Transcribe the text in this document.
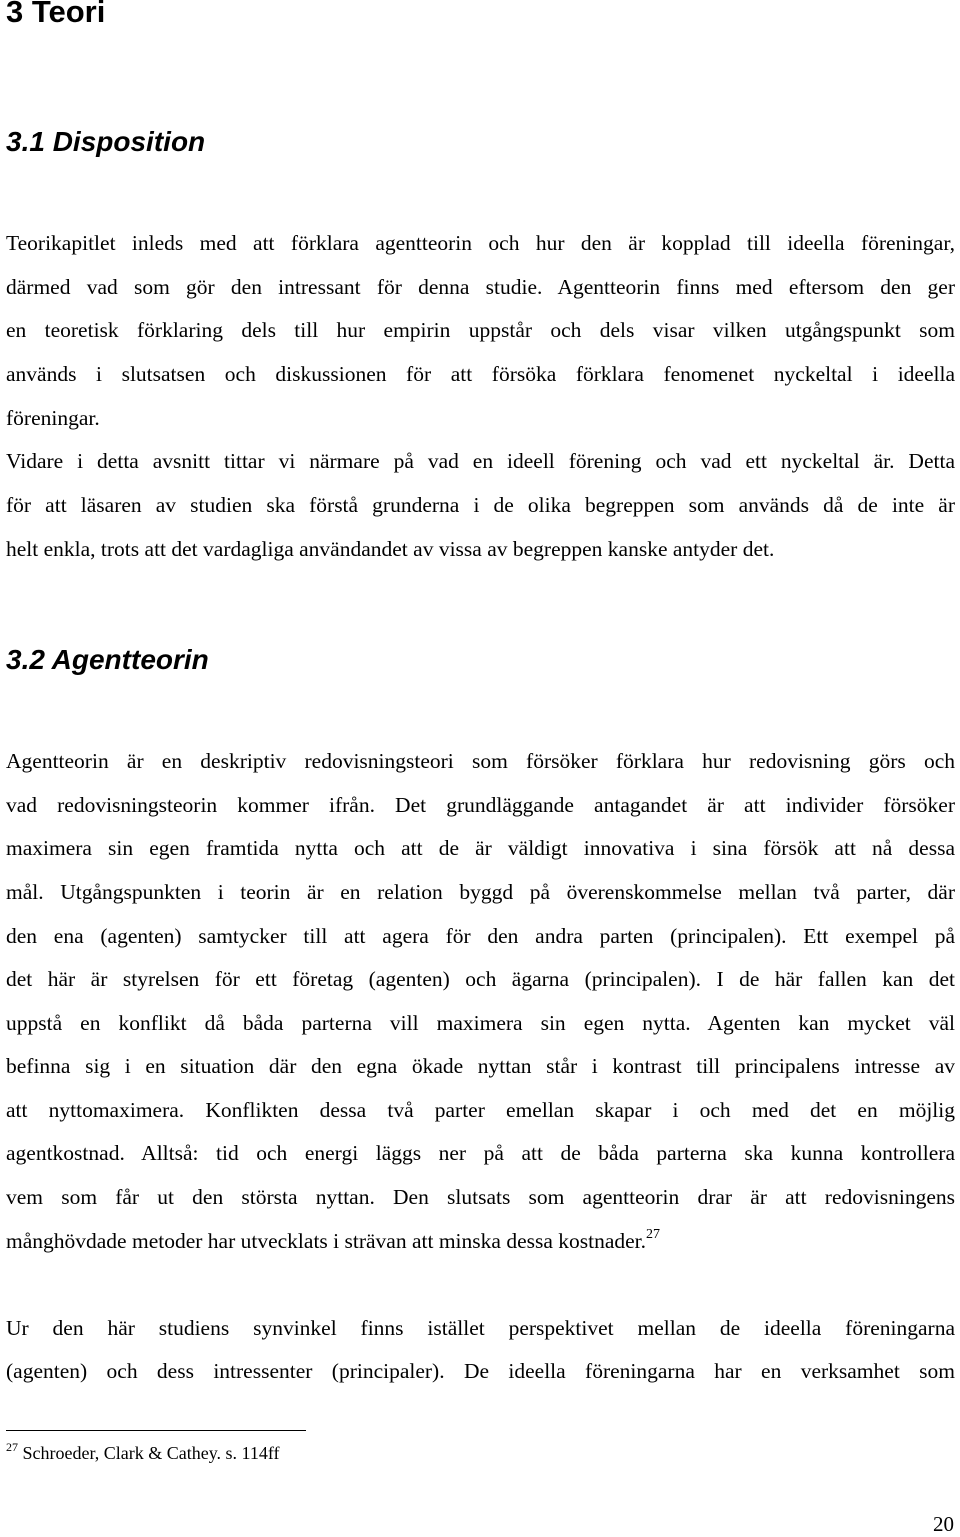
3 Teori
3.1 Disposition

Teorikapitlet inleds med att förklara agentteorin och hur den är kopplad till ideella föreningar,

därmed vad som gör den intressant för denna studie. Agentteorin finns med eftersom den ger

en teoretisk förklaring dels till hur empirin uppstår och dels visar vilken utgångspunkt som

används i slutsatsen och diskussionen för att försöka förklara fenomenet nyckeltal i ideella

föreningar.

Vidare i detta avsnitt tittar vi närmare på vad en ideell förening och vad ett nyckeltal är. Detta

för att läsaren av studien ska förstå grunderna i de olika begreppen som används då de inte är

helt enkla, trots att det vardagliga användandet av vissa av begreppen kanske antyder det.

3.2 Agentteorin

Agentteorin är en deskriptiv redovisningsteori som försöker förklara hur redovisning görs och

vad redovisningsteorin kommer ifrån. Det grundläggande antagandet är att individer försöker

maximera sin egen framtida nytta och att de är väldigt innovativa i sina försök att nå dessa

mål. Utgångspunkten i teorin är en relation byggd på överenskommelse mellan två parter, där

den ena (agenten) samtycker till att agera för den andra parten (principalen). Ett exempel på

det här är styrelsen för ett företag (agenten) och ägarna (principalen). I de här fallen kan det

uppstå en konflikt då båda parterna vill maximera sin egen nytta. Agenten kan mycket väl

befinna sig i en situation där den egna ökade nyttan står i kontrast till principalens intresse av

att nyttomaximera. Konflikten dessa två parter emellan skapar i och med det en möjlig

agentkostnad. Alltså: tid och energi läggs ner på att de båda parterna ska kunna kontrollera

vem som får ut den största nyttan. Den slutsats som agentteorin drar är att redovisningens

månghövdade metoder har utvecklats i strävan att minska dessa kostnader.$^{27}$

Ur den här studiens synvinkel finns istället perspektivet mellan de ideella föreningarna

(agenten) och dess intressenter (principaler). De ideella föreningarna har en verksamhet som

$^{27}$ Schroeder, Clark & Cathey. s. 114ff

20
